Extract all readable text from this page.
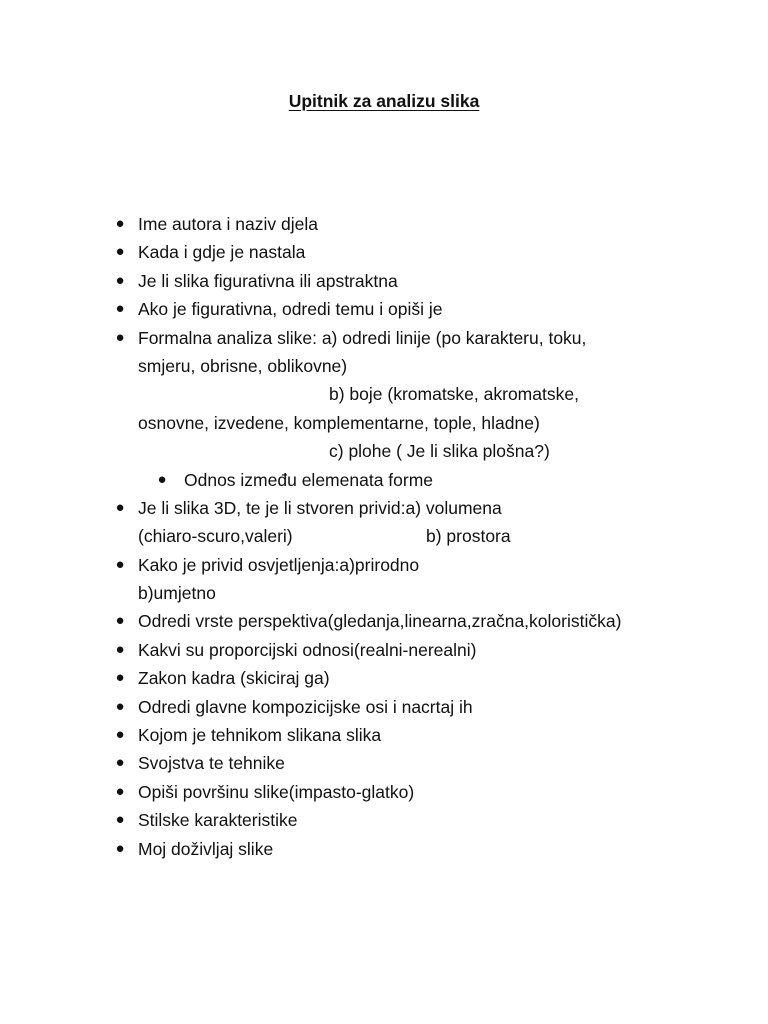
Upitnik za analizu slika
● Ime autora i naziv djela
● Kada i gdje je nastala
● Je li slika figurativna ili apstraktna
● Ako je figurativna, odredi temu i opiši je
● Formalna analiza slike: a) odredi linije (po karakteru, toku,
smjeru, obrisne, oblikovne)
b) boje (kromatske, akromatske,
osnovne, izvedene, komplementarne, tople, hladne)
c) plohe ( Je li slika plošna?)
● Odnos između elemenata forme
● Je li slika 3D, te je li stvoren privid:a) volumena
(chiaro-scuro,valeri)	b) prostora
● Kako je privid osvjetljenja:a)prirodno
b)umjetno
● Odredi vrste perspektiva(gledanja,linearna,zračna,koloristička)
● Kakvi su proporcijski odnosi(realni-nerealni)
● Zakon kadra (skiciraj ga)
● Odredi glavne kompozicijske osi i nacrtaj ih
● Kojom je tehnikom slikana slika
● Svojstva te tehnike
● Opiši površinu slike(impasto-glatko)
● Stilske karakteristike
● Moj doživljaj slike
